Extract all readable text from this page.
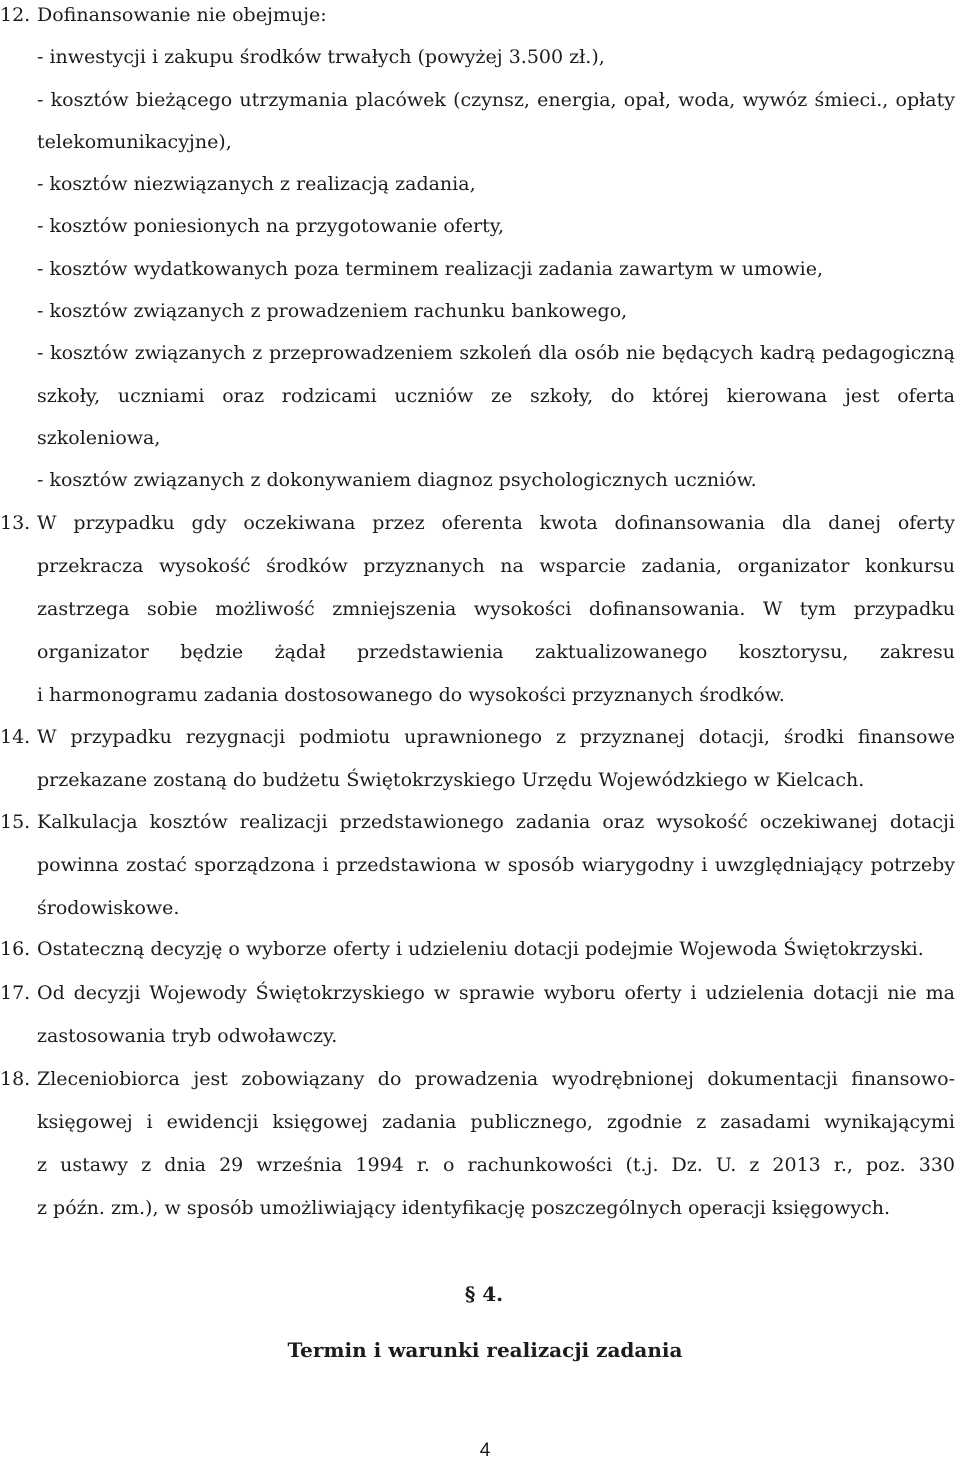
12. Dofinansowanie nie obejmuje:

- inwestycji i zakupu środków trwałych (powyżej 3.500 zł.),

- kosztów bieżącego utrzymania placówek (czynsz, energia, opał, woda, wywóz śmieci., opłaty

telekomunikacyjne),

- kosztów niezwiązanych z realizacją zadania,

- kosztów poniesionych na przygotowanie oferty,

- kosztów wydatkowanych poza terminem realizacji zadania zawartym w umowie,

- kosztów związanych z prowadzeniem rachunku bankowego,

- kosztów związanych z przeprowadzeniem szkoleń dla osób nie będących kadrą pedagogiczną

szkoły, uczniami oraz rodzicami uczniów ze szkoły, do której kierowana jest oferta

szkoleniowa,

- kosztów związanych z dokonywaniem diagnoz psychologicznych uczniów.

13. W przypadku gdy oczekiwana przez oferenta kwota dofinansowania dla danej oferty

przekracza wysokość środków przyznanych na wsparcie zadania, organizator konkursu

zastrzega sobie możliwość zmniejszenia wysokości dofinansowania. W tym przypadku

organizator będzie żądał przedstawienia zaktualizowanego kosztorysu, zakresu

i harmonogramu zadania dostosowanego do wysokości przyznanych środków.

14. W przypadku rezygnacji podmiotu uprawnionego z przyznanej dotacji, środki finansowe

przekazane zostaną do budżetu Świętokrzyskiego Urzędu Wojewódzkiego w Kielcach.

15. Kalkulacja kosztów realizacji przedstawionego zadania oraz wysokość oczekiwanej dotacji

powinna zostać sporządzona i przedstawiona w sposób wiarygodny i uwzględniający potrzeby

środowiskowe.

16. Ostateczną decyzję o wyborze oferty i udzieleniu dotacji podejmie Wojewoda Świętokrzyski.

17. Od decyzji Wojewody Świętokrzyskiego w sprawie wyboru oferty i udzielenia dotacji nie ma

zastosowania tryb odwoławczy.

18. Zleceniobiorca jest zobowiązany do prowadzenia wyodrębnionej dokumentacji finansowo-

księgowej i ewidencji księgowej zadania publicznego, zgodnie z zasadami wynikającymi

z ustawy z dnia 29 września 1994 r. o rachunkowości (t.j. Dz. U. z 2013 r., poz. 330

z późn. zm.), w sposób umożliwiający identyfikację poszczególnych operacji księgowych.

§ 4.
Termin i warunki realizacji zadania
4
